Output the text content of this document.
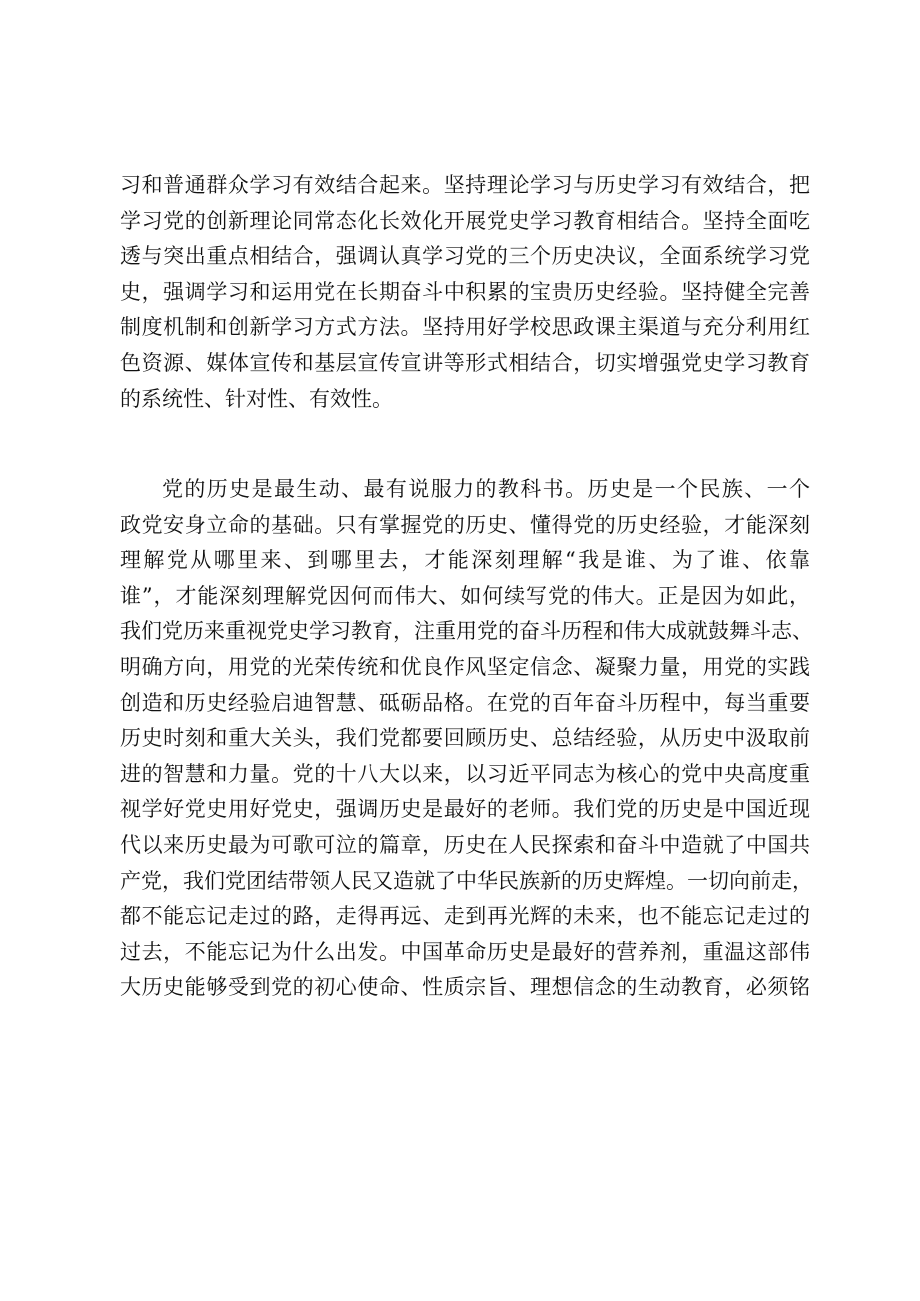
习和普通群众学习有效结合起来。坚持理论学习与历史学习有效结合，把
学习党的创新理论同常态化长效化开展党史学习教育相结合。坚持全面吃
透与突出重点相结合，强调认真学习党的三个历史决议，全面系统学习党
史，强调学习和运用党在长期奋斗中积累的宝贵历史经验。坚持健全完善
制度机制和创新学习方式方法。坚持用好学校思政课主渠道与充分利用红
色资源、媒体宣传和基层宣传宣讲等形式相结合，切实增强党史学习教育
的系统性、针对性、有效性。
党的历史是最生动、最有说服力的教科书。历史是一个民族、一个
政党安身立命的基础。只有掌握党的历史、懂得党的历史经验，才能深刻
理解党从哪里来、到哪里去，才能深刻理解“我是谁、为了谁、依靠
谁”，才能深刻理解党因何而伟大、如何续写党的伟大。正是因为如此，
我们党历来重视党史学习教育，注重用党的奋斗历程和伟大成就鼓舞斗志、
明确方向，用党的光荣传统和优良作风坚定信念、凝聚力量，用党的实践
创造和历史经验启迪智慧、砥砺品格。在党的百年奋斗历程中，每当重要
历史时刻和重大关头，我们党都要回顾历史、总结经验，从历史中汲取前
进的智慧和力量。党的十八大以来，以习近平同志为核心的党中央高度重
视学好党史用好党史，强调历史是最好的老师。我们党的历史是中国近现
代以来历史最为可歌可泣的篇章，历史在人民探索和奋斗中造就了中国共
产党，我们党团结带领人民又造就了中华民族新的历史辉煌。一切向前走，
都不能忘记走过的路，走得再远、走到再光辉的未来，也不能忘记走过的
过去，不能忘记为什么出发。中国革命历史是最好的营养剂，重温这部伟
大历史能够受到党的初心使命、性质宗旨、理想信念的生动教育，必须铭
